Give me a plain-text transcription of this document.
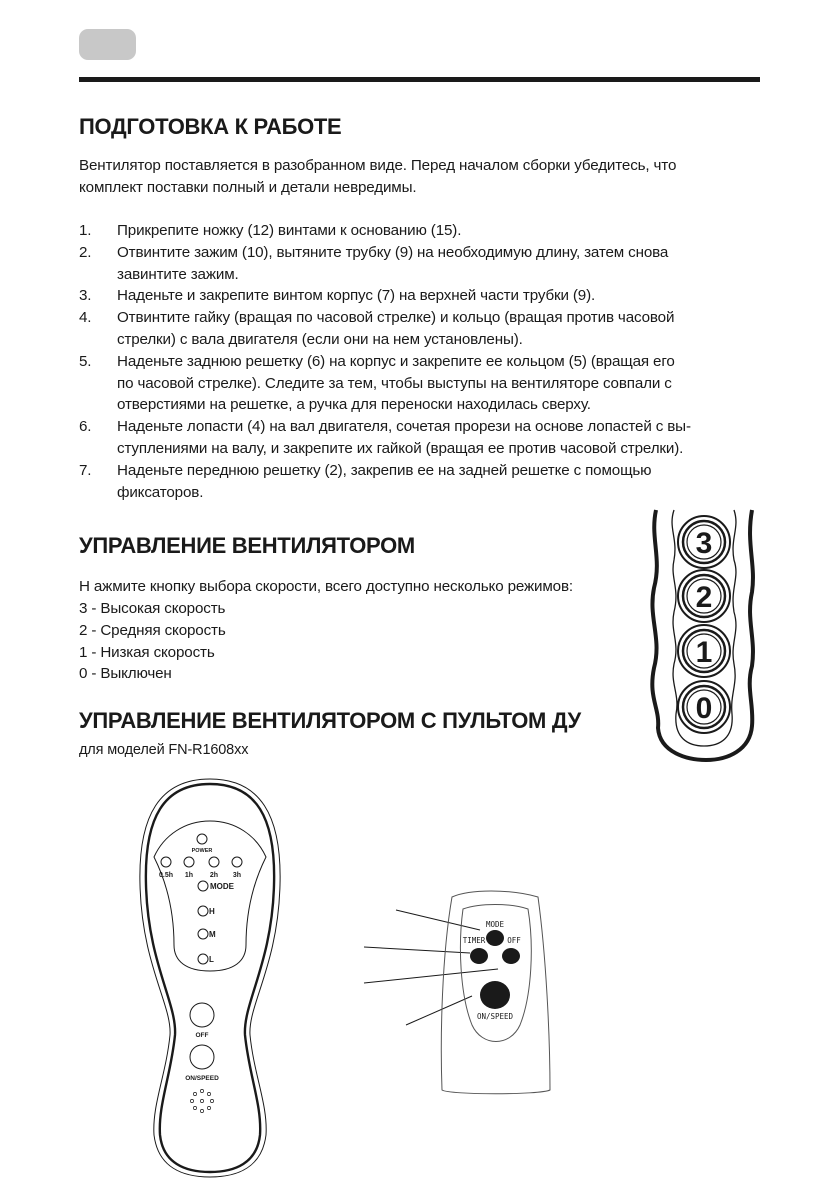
ПОДГОТОВКА К РАБОТЕ

Вентилятор поставляется в разобранном виде. Перед началом сборки убедитесь, что

комплект поставки полный и детали невредимы.

1. Прикрепите ножку (12) винтами к основанию (15).
2. Отвинтите зажим (10), вытяните трубку (9) на необходимую длину, затем снова
завинтите зажим.
3. Наденьте и закрепите винтом корпус (7) на верхней части трубки (9).
4. Отвинтите гайку (вращая по часовой стрелке) и кольцо (вращая против часовой
стрелки) с вала двигателя (если они на нем установлены).
5. Наденьте заднюю решетку (6) на корпус и закрепите ее кольцом (5) (вращая его
по часовой стрелке). Следите за тем, чтобы выступы на вентиляторе совпали с
отверстиями на решетке, а ручка для переноски находилась сверху.
6. Наденьте лопасти (4) на вал двигателя, сочетая прорези на основе лопастей с вы-
ступлениями на валу, и закрепите их гайкой (вращая ее против часовой стрелки).
7. Наденьте переднюю решетку (2), закрепив ее на задней решетке с помощью
фиксаторов.
УПРАВЛЕНИЕ ВЕНТИЛЯТОРОМ

Н ажмите кнопку выбора скорости, всего доступно несколько режимов:

3 - Высокая скорость
2 - Средняя скорость
1 - Низкая скорость
0 - Выключен
3
2
1
0
УПРАВЛЕНИЕ ВЕНТИЛЯТОРОМ С ПУЛЬТОМ ДУ

для моделей FN-R1608xx

POWER
0.5h 1h 2h 3h
MODE
H
M
L
OFF
ON/SPEED
MODE
TIMER	OFF
ON/SPEED
